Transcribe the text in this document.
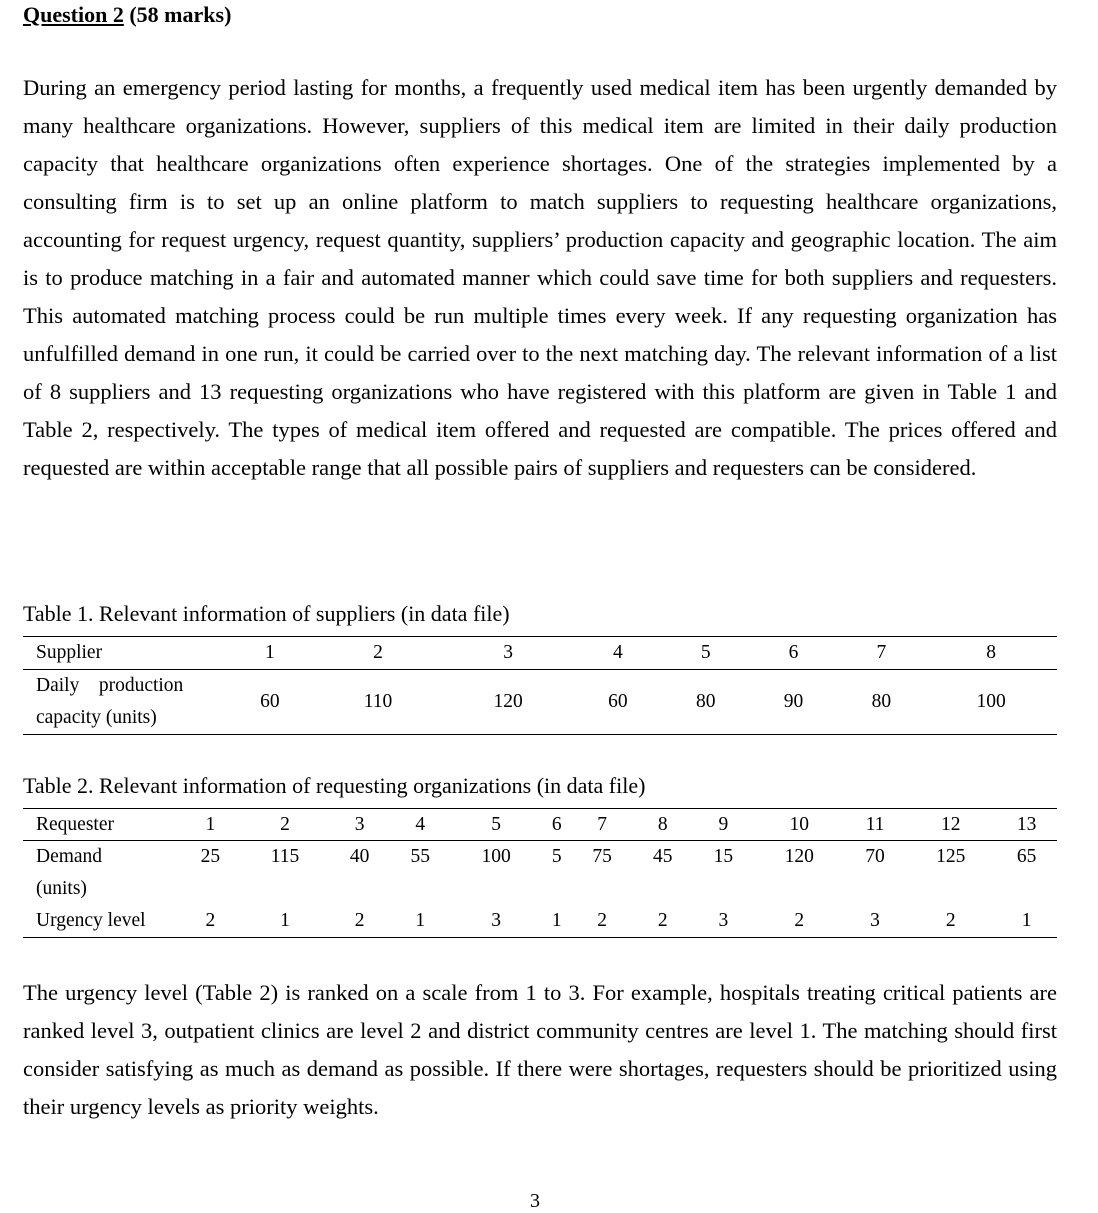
Question 2 (58 marks)

During an emergency period lasting for months, a frequently used medical item has been urgently demanded by many healthcare organizations. However, suppliers of this medical item are limited in their daily production capacity that healthcare organizations often experience shortages. One of the strategies implemented by a consulting firm is to set up an online platform to match suppliers to requesting healthcare organizations, accounting for request urgency, request quantity, suppliers’ production capacity and geographic location. The aim is to produce matching in a fair and automated manner which could save time for both suppliers and requesters. This automated matching process could be run multiple times every week. If any requesting organization has unfulfilled demand in one run, it could be carried over to the next matching day. The relevant information of a list of 8 suppliers and 13 requesting organizations who have registered with this platform are given in Table 1 and Table 2, respectively. The types of medical item offered and requested are compatible. The prices offered and requested are within acceptable range that all possible pairs of suppliers and requesters can be considered.

Table 1. Relevant information of suppliers (in data file)
Supplier	1	2	3	4	5	6	7	8

Daily    production
capacity (units)	60	110	120	60	80	90	80	100
Table 2. Relevant information of requesting organizations (in data file)
Requester	1	2	3	4	5	6	7	8	9	10	11	12	13

Demand
(units)	25	115	40	55	100	5	75	45	15	120	70	125	65

Urgency level	2	1	2	1	3	1	2	2	3	2	3	2	1

The urgency level (Table 2) is ranked on a scale from 1 to 3. For example, hospitals treating critical patients are ranked level 3, outpatient clinics are level 2 and district community centres are level 1. The matching should first consider satisfying as much as demand as possible. If there were shortages, requesters should be prioritized using their urgency levels as priority weights.

3
